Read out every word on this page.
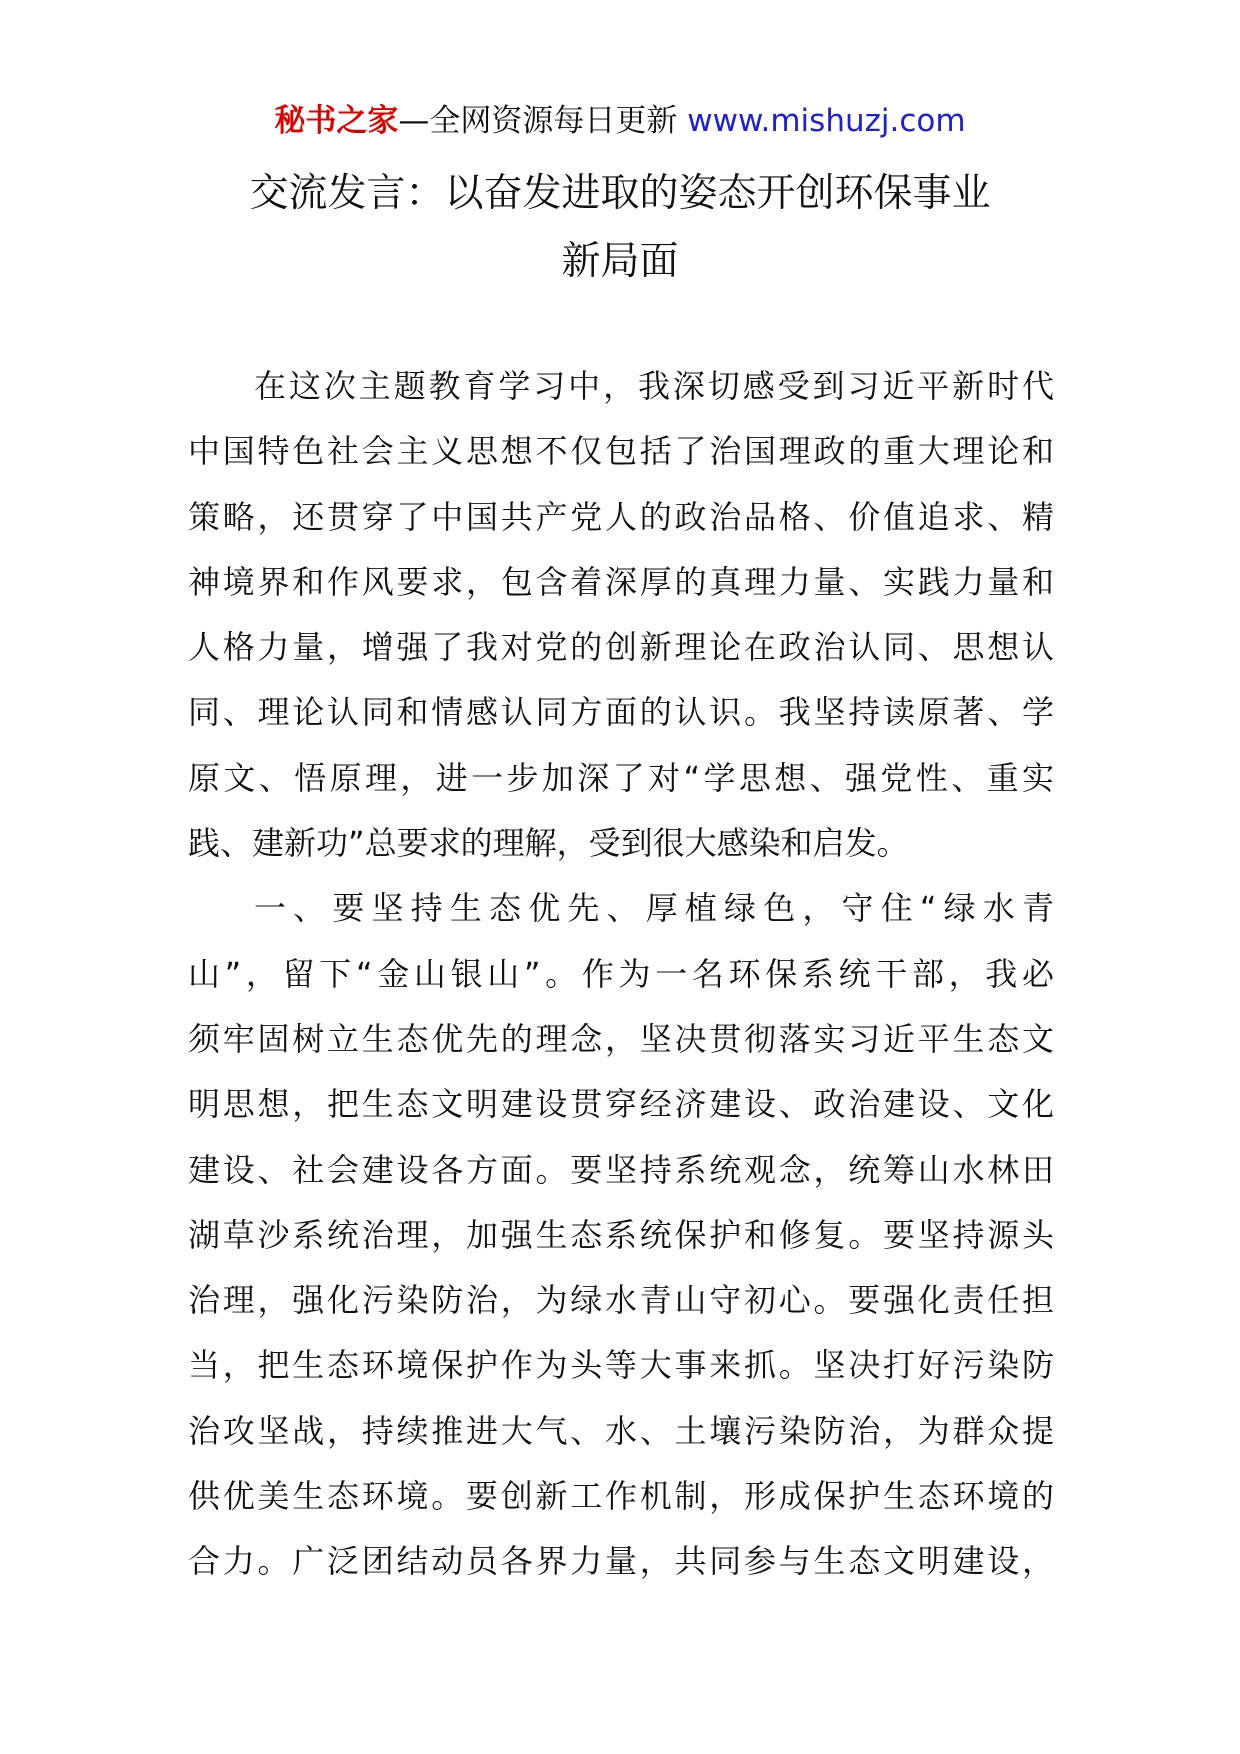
秘书之家—全网资源每日更新 www.mishuzj.com
交流发言：以奋发进取的姿态开创环保事业
新局面
在这次主题教育学习中，我深切感受到习近平新时代
中国特色社会主义思想不仅包括了治国理政的重大理论和
策略，还贯穿了中国共产党人的政治品格、价值追求、精
神境界和作风要求，包含着深厚的真理力量、实践力量和
人格力量，增强了我对党的创新理论在政治认同、思想认
同、理论认同和情感认同方面的认识。我坚持读原著、学
原文、悟原理，进一步加深了对“学思想、强党性、重实
践、建新功”总要求的理解，受到很大感染和启发。
一、要坚持生态优先、厚植绿色，守住“绿水青
山”，留下“金山银山”。作为一名环保系统干部，我必
须牢固树立生态优先的理念，坚决贯彻落实习近平生态文
明思想，把生态文明建设贯穿经济建设、政治建设、文化
建设、社会建设各方面。要坚持系统观念，统筹山水林田
湖草沙系统治理，加强生态系统保护和修复。要坚持源头
治理，强化污染防治，为绿水青山守初心。要强化责任担
当，把生态环境保护作为头等大事来抓。坚决打好污染防
治攻坚战，持续推进大气、水、土壤污染防治，为群众提
供优美生态环境。要创新工作机制，形成保护生态环境的
合力。广泛团结动员各界力量，共同参与生态文明建设，
